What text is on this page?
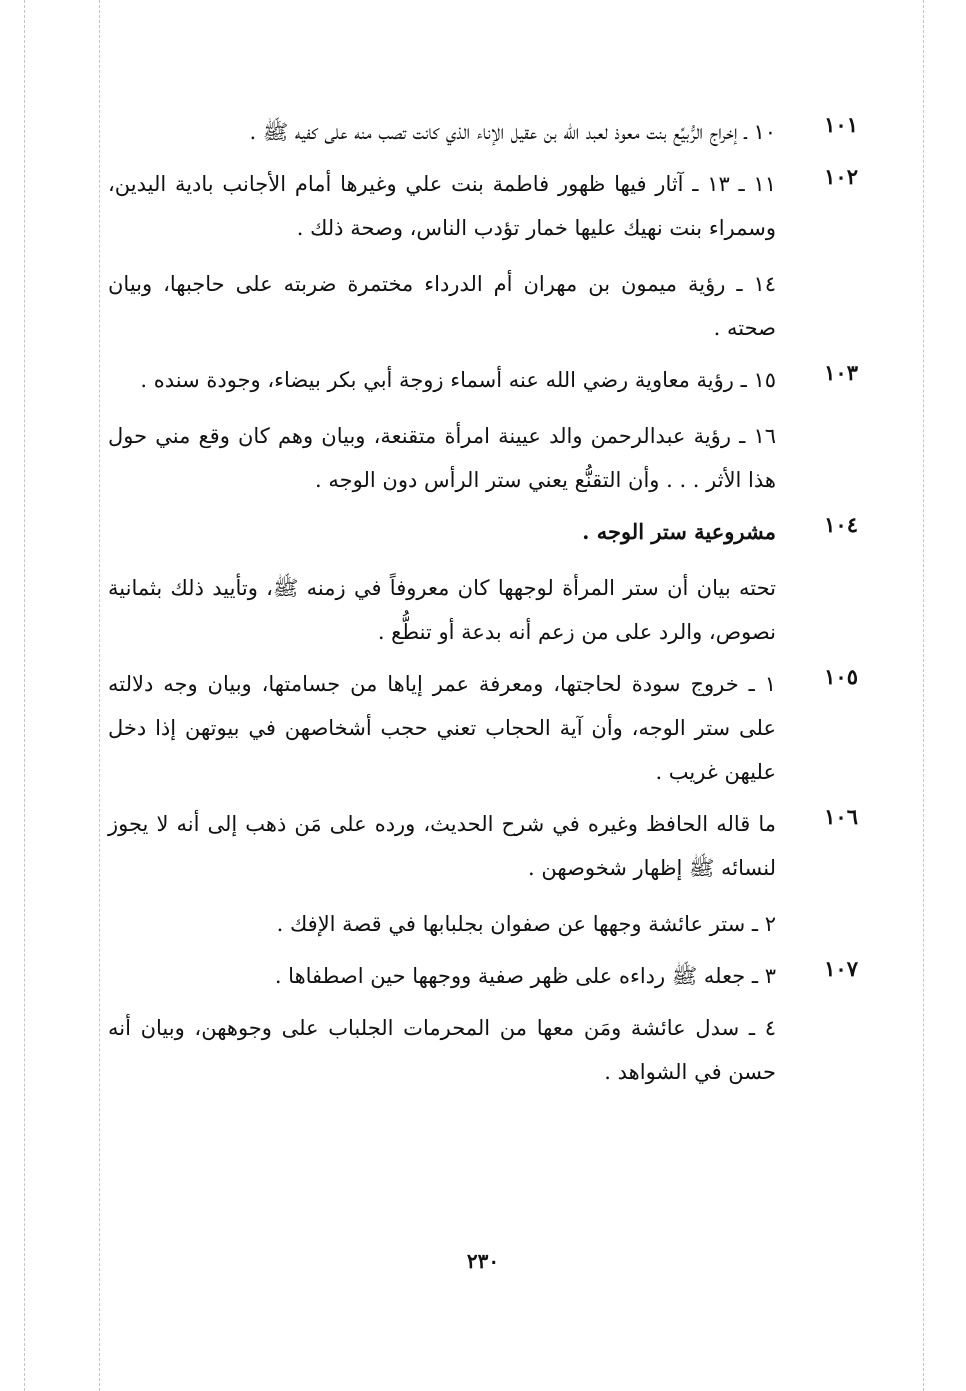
١٠١

١٠ ـ إخراج الرُّبيِّع بنت معوذ لعبد الله بن عقيل الإناء الذي كانت تصب منه على كفيه ﷺ .

١٠٢

١١ ـ ١٣ ـ آثار فيها ظهور فاطمة بنت علي وغيرها أمام الأجانب بادية اليدين، وسمراء بنت نهيك عليها خمار تؤدب الناس، وصحة ذلك .

١٤ ـ رؤية ميمون بن مهران أم الدرداء مختمرة ضربته على حاجبها، وبيان صحته .

١٠٣

١٥ ـ رؤية معاوية رضي الله عنه أسماء زوجة أبي بكر بيضاء، وجودة سنده .

١٦ ـ رؤية عبدالرحمن والد عيينة امرأة متقنعة، وبيان وهم كان وقع مني حول هذا الأثر . . . وأن التقنُّع يعني ستر الرأس دون الوجه .

١٠٤

مشروعية ستر الوجه .

تحته بيان أن ستر المرأة لوجهها كان معروفاً في زمنه ﷺ، وتأييد ذلك بثمانية نصوص، والرد على من زعم أنه بدعة أو تنطُّع .

١٠٥

١ ـ خروج سودة لحاجتها، ومعرفة عمر إياها من جسامتها، وبيان وجه دلالته على ستر الوجه، وأن آية الحجاب تعني حجب أشخاصهن في بيوتهن إذا دخل عليهن غريب .

١٠٦

ما قاله الحافظ وغيره في شرح الحديث، ورده على مَن ذهب إلى أنه لا يجوز لنسائه ﷺ إظهار شخوصهن .

٢ ـ ستر عائشة وجهها عن صفوان بجلبابها في قصة الإفك .

١٠٧

٣ ـ جعله ﷺ رداءه على ظهر صفية ووجهها حين اصطفاها .

٤ ـ سدل عائشة ومَن معها من المحرمات الجلباب على وجوههن، وبيان أنه حسن في الشواهد .

٢٣٠
